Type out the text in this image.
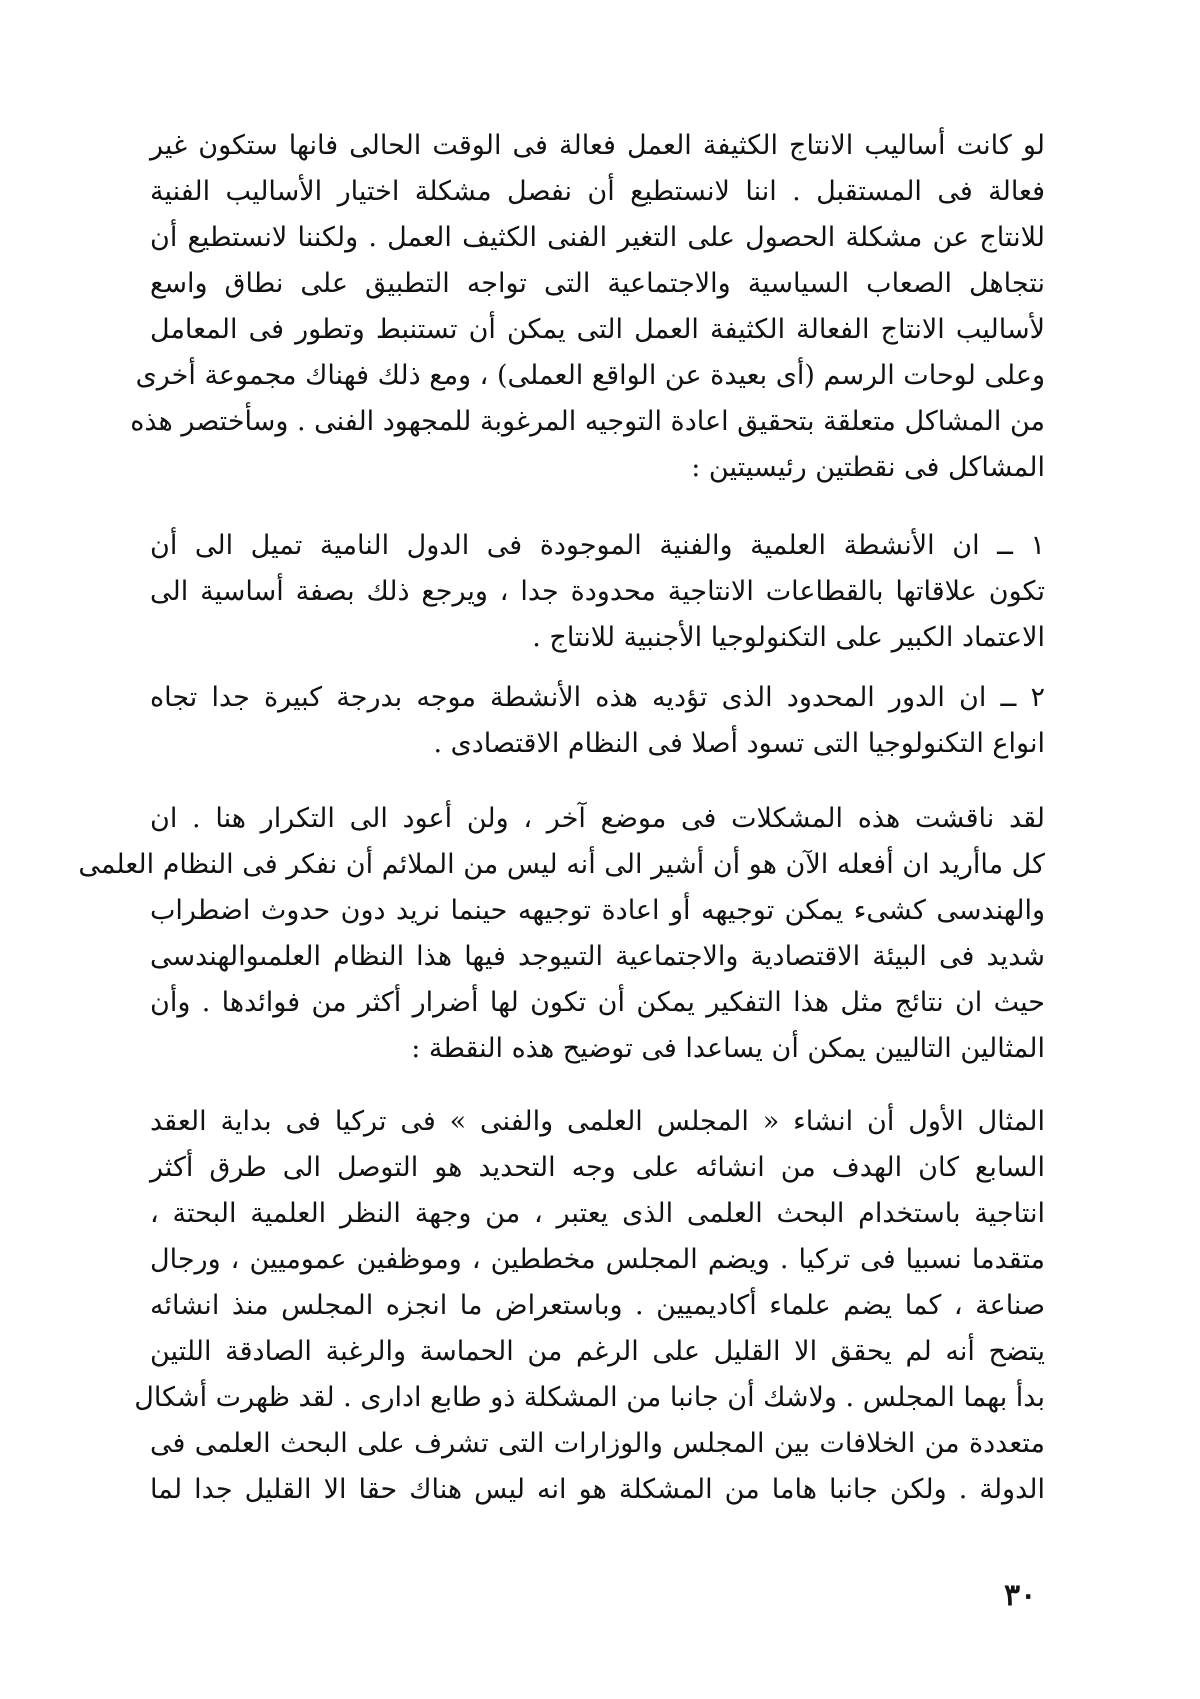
لو كانت أساليب الانتاج الكثيفة العمل فعالة فى الوقت الحالى فانها ستكون غير
فعالة فى المستقبل . اننا لانستطيع أن نفصل مشكلة اختيار الأساليب الفنية
للانتاج عن مشكلة الحصول على التغير الفنى الكثيف العمل . ولكننا لانستطيع أن
نتجاهل الصعاب السياسية والاجتماعية التى تواجه التطبيق على نطاق واسع
لأساليب الانتاج الفعالة الكثيفة العمل التى يمكن أن تستنبط وتطور فى المعامل
وعلى لوحات الرسم (أى بعيدة عن الواقع العملى) ، ومع ذلك فهناك مجموعة أخرى
من المشاكل متعلقة بتحقيق اعادة التوجيه المرغوبة للمجهود الفنى . وسأختصر هذه
المشاكل فى نقطتين رئيسيتين :
١ ــ ان الأنشطة العلمية والفنية الموجودة فى الدول النامية تميل الى أن
تكون علاقاتها بالقطاعات الانتاجية محدودة جدا ، ويرجع ذلك بصفة أساسية الى
الاعتماد الكبير على التكنولوجيا الأجنبية للانتاج .
٢ ــ ان الدور المحدود الذى تؤديه هذه الأنشطة موجه بدرجة كبيرة جدا تجاه
انواع التكنولوجيا التى تسود أصلا فى النظام الاقتصادى .
لقد ناقشت هذه المشكلات فى موضع آخر ، ولن أعود الى التكرار هنا . ان
كل ماأريد ان أفعله الآن هو أن أشير الى أنه ليس من الملائم أن نفكر فى النظام العلمى
والهندسى كشىء يمكن توجيهه أو اعادة توجيهه حينما نريد دون حدوث اضطراب
شديد فى البيئة الاقتصادية والاجتماعية التىيوجد فيها هذا النظام العلمىوالهندسى
حيث ان نتائج مثل هذا التفكير يمكن أن تكون لها أضرار أكثر من فوائدها . وأن
المثالين التاليين يمكن أن يساعدا فى توضيح هذه النقطة :
المثال الأول أن انشاء « المجلس العلمى والفنى » فى تركيا فى بداية العقد
السابع كان الهدف من انشائه على وجه التحديد هو التوصل الى طرق أكثر
انتاجية باستخدام البحث العلمى الذى يعتبر ، من وجهة النظر العلمية البحتة ،
متقدما نسبيا فى تركيا . ويضم المجلس مخططين ، وموظفين عموميين ، ورجال
صناعة ، كما يضم علماء أكاديميين . وباستعراض ما انجزه المجلس منذ انشائه
يتضح أنه لم يحقق الا القليل على الرغم من الحماسة والرغبة الصادقة اللتين
بدأ بهما المجلس . ولاشك أن جانبا من المشكلة ذو طابع ادارى . لقد ظهرت أشكال
متعددة من الخلافات بين المجلس والوزارات التى تشرف على البحث العلمى فى
الدولة . ولكن جانبا هاما من المشكلة هو انه ليس هناك حقا الا القليل جدا لما
٣٠
